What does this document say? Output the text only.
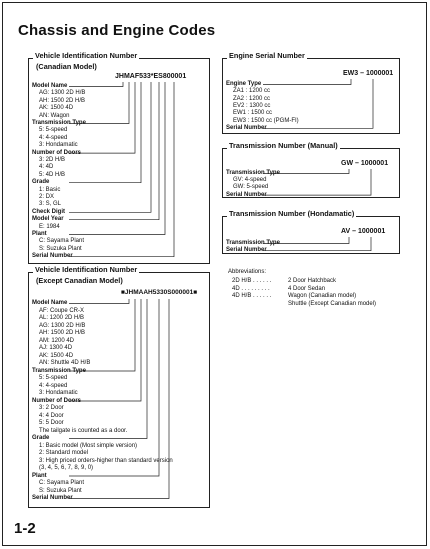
Chassis and Engine Codes
Vehicle Identification Number
(Canadian Model)
JHMAF533*ES800001
Model Name
AG: 1300 2D H/B
AH: 1500 2D H/B
AK: 1500 4D
AN: Wagon
Transmission Type
5: 5-speed
4: 4-speed
3: Hondamatic
Number of Doors
3: 2D H/B
4: 4D
5: 4D H/B
Grade
1: Basic
2: DX
3: S, GL
Check Digit
Model Year
E: 1984
Plant
C: Sayama Plant
S: Suzuka Plant
Serial Number
Vehicle Identification Number
(Except Canadian Model)
■JHMAAH5330S000001■
Model Name
AF: Coupe CR-X
AL: 1200 2D H/B
AG: 1300 2D H/B
AH: 1500 2D H/B
AM: 1200 4D
AJ: 1300 4D
AK: 1500 4D
AN: Shuttle 4D H/B
Transmission Type
5: 5-speed
4: 4-speed
3: Hondamatic
Number of Doors
3: 2 Door
4: 4 Door
5: 5 Door
The tailgate is counted as a door.
Grade
1: Basic model (Most simple version)
2: Standard model
3: High priced orders-higher than standard version
(3, 4, 5, 6, 7, 8, 9, 0)
Plant
C: Sayama Plant
S: Suzuka Plant
Serial Number
Engine Serial Number
EW3 – 1000001
Engine Type
ZA1 : 1200 cc
ZA2 : 1200 cc
EV2 : 1300 cc
EW1 : 1500 cc
EW3 : 1500 cc (PGM-FI)
Serial Number
Transmission Number (Manual)
GW – 1000001
Transmission Type
GV: 4-speed
GW: 5-speed
Serial Number
Transmission Number (Hondamatic)
AV – 1000001
Transmission Type
Serial Number
Abbreviations:
2D H/B . . . . . .	2 Door Hatchback
4D . . . . . . . . .	4 Door Sedan
4D H/B . . . . . .	Wagon (Canadian model)
Shuttle (Except Canadian model)
1-2
